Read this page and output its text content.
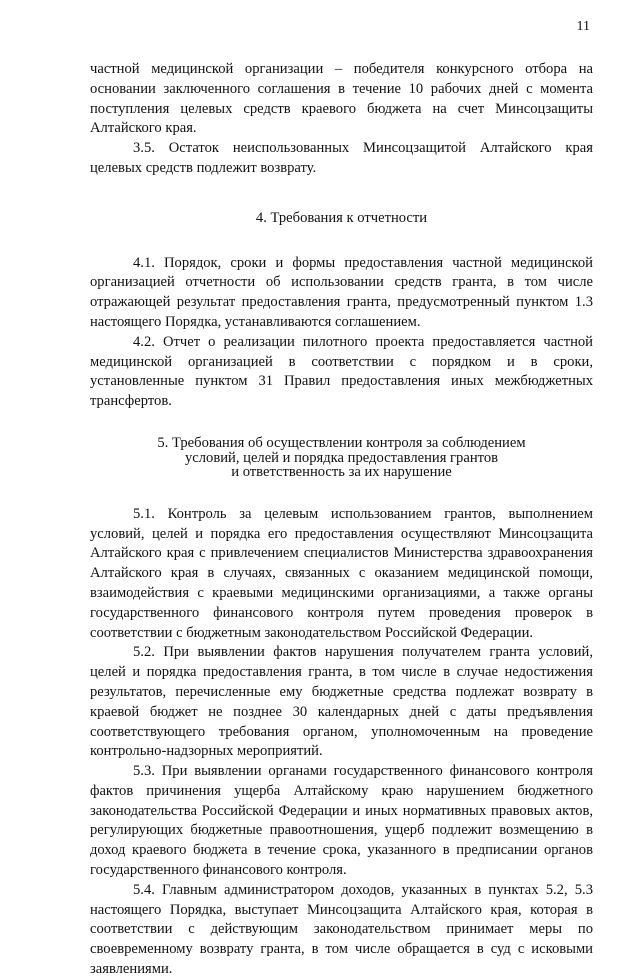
11

частной медицинской организации – победителя конкурсного отбора на основании заключенного соглашения в течение 10 рабочих дней с момента поступления целевых средств краевого бюджета на счет Минсоцзащиты Алтайского края.

3.5. Остаток неиспользованных Минсоцзащитой Алтайского края целевых средств подлежит возврату.

4. Требования к отчетности

4.1. Порядок, сроки и формы предоставления частной медицинской организацией отчетности об использовании средств гранта, в том числе отражающей результат предоставления гранта, предусмотренный пунктом 1.3 настоящего Порядка, устанавливаются соглашением.

4.2. Отчет о реализации пилотного проекта предоставляется частной медицинской организацией в соответствии с порядком и в сроки, установленные пунктом 31 Правил предоставления иных межбюджетных трансфертов.

5. Требования об осуществлении контроля за соблюдением
условий, целей и порядка предоставления грантов
и ответственность за их нарушение

5.1. Контроль за целевым использованием грантов, выполнением условий, целей и порядка его предоставления осуществляют Минсоцзащита Алтайского края с привлечением специалистов Министерства здравоохранения Алтайского края в случаях, связанных с оказанием медицинской помощи, взаимодействия с краевыми медицинскими организациями, а также органы государственного финансового контроля путем проведения проверок в соответствии с бюджетным законодательством Российской Федерации.

5.2. При выявлении фактов нарушения получателем гранта условий, целей и порядка предоставления гранта, в том числе в случае недостижения результатов, перечисленные ему бюджетные средства подлежат возврату в краевой бюджет не позднее 30 календарных дней с даты предъявления соответствующего требования органом, уполномоченным на проведение контрольно-надзорных мероприятий.

5.3. При выявлении органами государственного финансового контроля фактов причинения ущерба Алтайскому краю нарушением бюджетного законодательства Российской Федерации и иных нормативных правовых актов, регулирующих бюджетные правоотношения, ущерб подлежит возмещению в доход краевого бюджета в течение срока, указанного в предписании органов государственного финансового контроля.

5.4. Главным администратором доходов, указанных в пунктах 5.2, 5.3 настоящего Порядка, выступает Минсоцзащита Алтайского края, которая в соответствии с действующим законодательством принимает меры по своевременному возврату гранта, в том числе обращается в суд с исковыми заявлениями.
